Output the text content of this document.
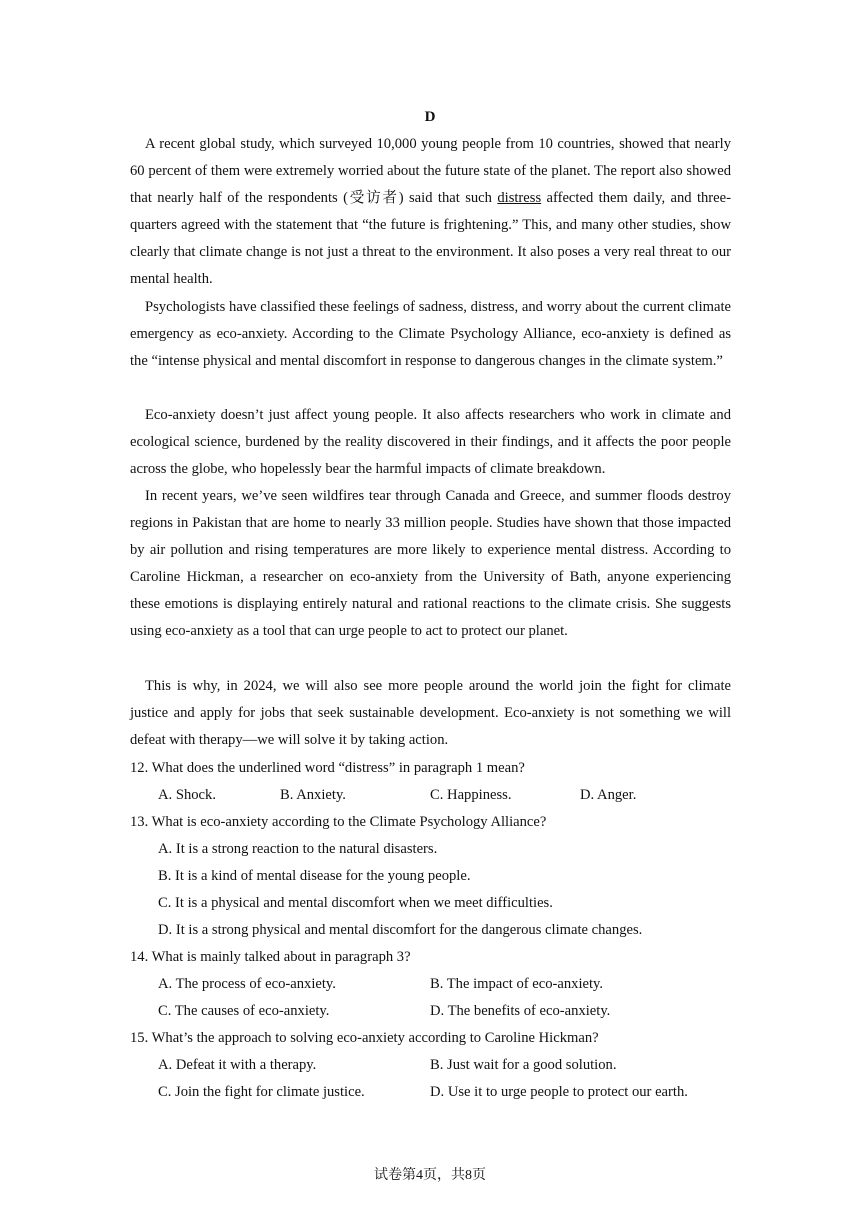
D

A recent global study, which surveyed 10,000 young people from 10 countries, showed that nearly 60 percent of them were extremely worried about the future state of the planet. The report also showed that nearly half of the respondents (受访者) said that such distress affected them daily, and three-quarters agreed with the statement that “the future is frightening.” This, and many other studies, show clearly that climate change is not just a threat to the environment. It also poses a very real threat to our mental health.

Psychologists have classified these feelings of sadness, distress, and worry about the current climate emergency as eco-anxiety. According to the Climate Psychology Alliance, eco-anxiety is defined as the “intense physical and mental discomfort in response to dangerous changes in the climate system.”

Eco-anxiety doesn’t just affect young people. It also affects researchers who work in climate and ecological science, burdened by the reality discovered in their findings, and it affects the poor people across the globe, who hopelessly bear the harmful impacts of climate breakdown.

In recent years, we’ve seen wildfires tear through Canada and Greece, and summer floods destroy regions in Pakistan that are home to nearly 33 million people. Studies have shown that those impacted by air pollution and rising temperatures are more likely to experience mental distress. According to Caroline Hickman, a researcher on eco-anxiety from the University of Bath, anyone experiencing these emotions is displaying entirely natural and rational reactions to the climate crisis. She suggests using eco-anxiety as a tool that can urge people to act to protect our planet.

This is why, in 2024, we will also see more people around the world join the fight for climate justice and apply for jobs that seek sustainable development. Eco-anxiety is not something we will defeat with therapy—we will solve it by taking action.

12. What does the underlined word “distress” in paragraph 1 mean?
A. Shock.	B. Anxiety.	C. Happiness.	D. Anger.
13. What is eco-anxiety according to the Climate Psychology Alliance?
A. It is a strong reaction to the natural disasters.
B. It is a kind of mental disease for the young people.
C. It is a physical and mental discomfort when we meet difficulties.
D. It is a strong physical and mental discomfort for the dangerous climate changes.
14. What is mainly talked about in paragraph 3?
A. The process of eco-anxiety.	B. The impact of eco-anxiety.
C. The causes of eco-anxiety.	D. The benefits of eco-anxiety.
15. What’s the approach to solving eco-anxiety according to Caroline Hickman?
A. Defeat it with a therapy.	B. Just wait for a good solution.
C. Join the fight for climate justice.	D. Use it to urge people to protect our earth.
试卷第4页，共8页
